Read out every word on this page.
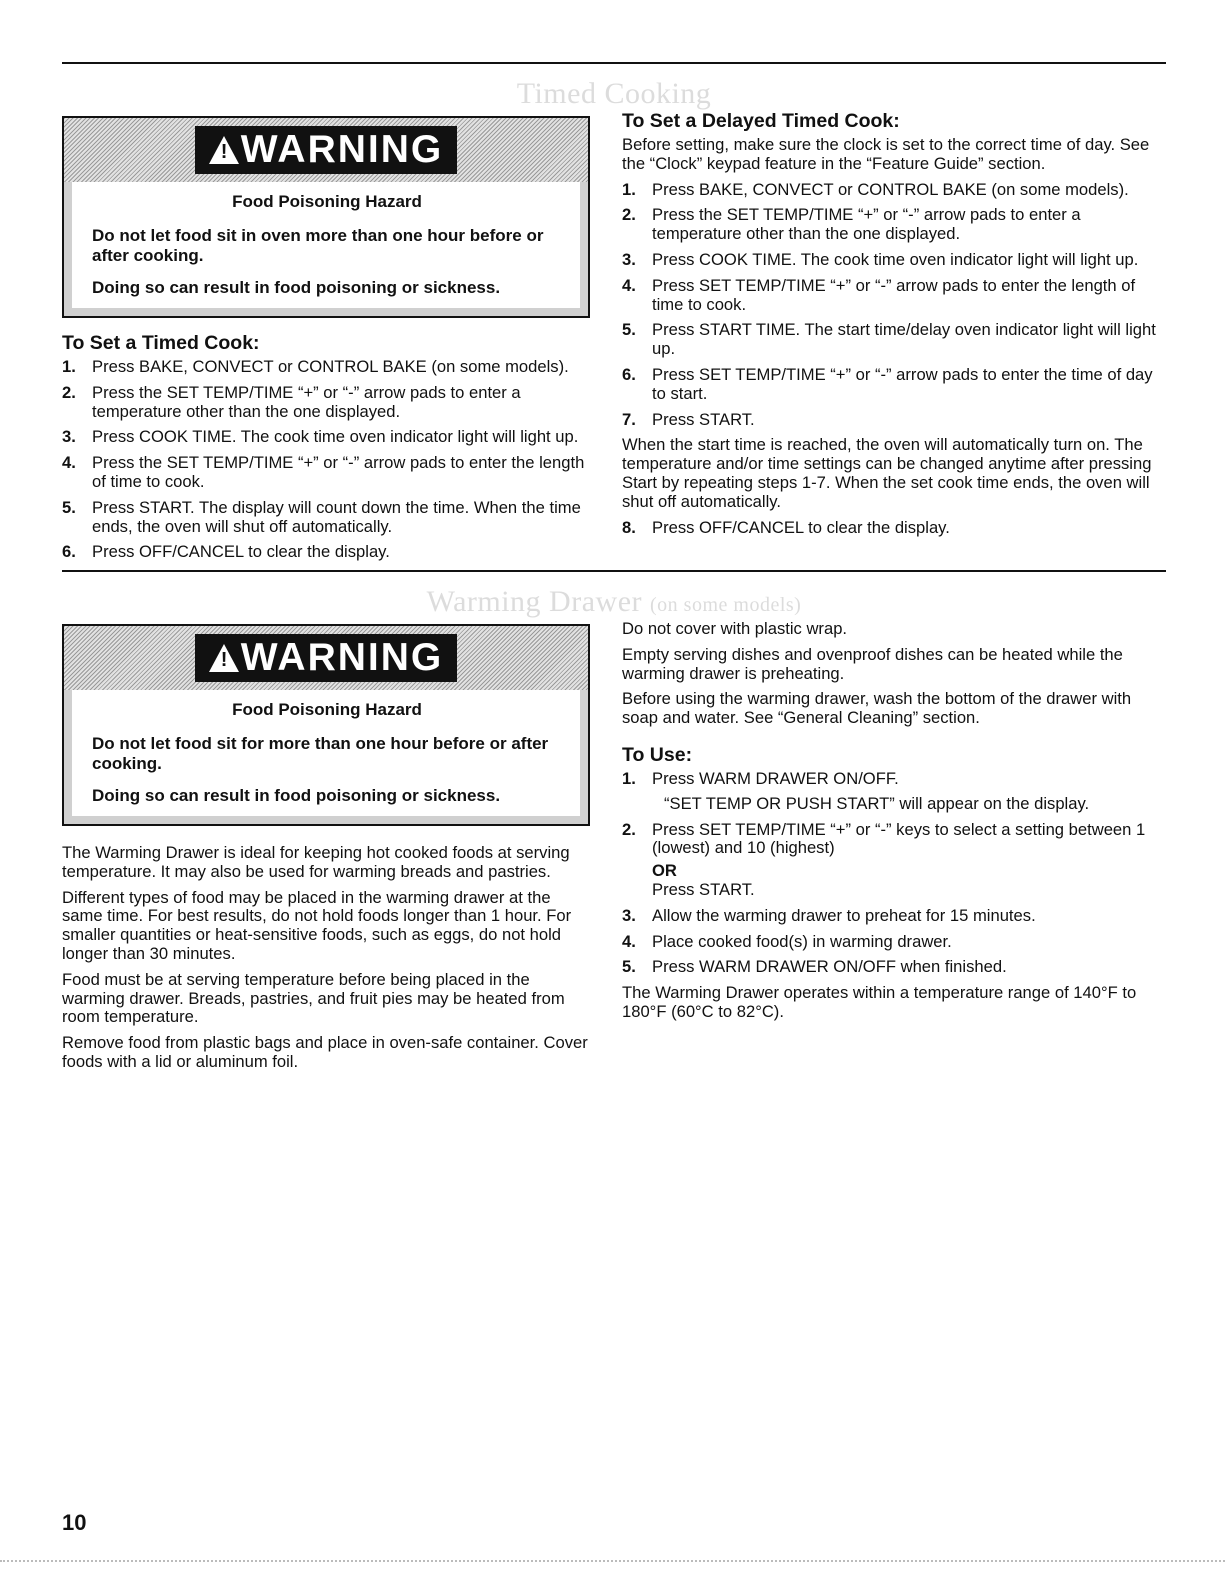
Timed Cooking
! WARNING

Food Poisoning Hazard

Do not let food sit in oven more than one hour before or after cooking.

Doing so can result in food poisoning or sickness.

To Set a Timed Cook:
1. Press BAKE, CONVECT or CONTROL BAKE (on some models).
2. Press the SET TEMP/TIME “+” or “-” arrow pads to enter a temperature other than the one displayed.
3. Press COOK TIME. The cook time oven indicator light will light up.
4. Press the SET TEMP/TIME “+” or “-” arrow pads to enter the length of time to cook.
5. Press START. The display will count down the time. When the time ends, the oven will shut off automatically.
6. Press OFF/CANCEL to clear the display.
To Set a Delayed Timed Cook:

Before setting, make sure the clock is set to the correct time of day. See the “Clock” keypad feature in the “Feature Guide” section.

1. Press BAKE, CONVECT or CONTROL BAKE (on some models).
2. Press the SET TEMP/TIME “+” or “-” arrow pads to enter a temperature other than the one displayed.
3. Press COOK TIME. The cook time oven indicator light will light up.
4. Press SET TEMP/TIME “+” or “-” arrow pads to enter the length of time to cook.
5. Press START TIME. The start time/delay oven indicator light will light up.
6. Press SET TEMP/TIME “+” or “-” arrow pads to enter the time of day to start.
7. Press START.

When the start time is reached, the oven will automatically turn on. The temperature and/or time settings can be changed anytime after pressing Start by repeating steps 1-7. When the set cook time ends, the oven will shut off automatically.

8. Press OFF/CANCEL to clear the display.
Warming Drawer (on some models)
! WARNING

Food Poisoning Hazard

Do not let food sit for more than one hour before or after cooking.

Doing so can result in food poisoning or sickness.

The Warming Drawer is ideal for keeping hot cooked foods at serving temperature. It may also be used for warming breads and pastries.

Different types of food may be placed in the warming drawer at the same time. For best results, do not hold foods longer than 1 hour. For smaller quantities or heat-sensitive foods, such as eggs, do not hold longer than 30 minutes.

Food must be at serving temperature before being placed in the warming drawer. Breads, pastries, and fruit pies may be heated from room temperature.

Remove food from plastic bags and place in oven-safe container. Cover foods with a lid or aluminum foil.

Do not cover with plastic wrap.

Empty serving dishes and ovenproof dishes can be heated while the warming drawer is preheating.

Before using the warming drawer, wash the bottom of the drawer with soap and water. See “General Cleaning” section.

To Use:
1. Press WARM DRAWER ON/OFF.
“SET TEMP OR PUSH START” will appear on the display.
2. Press SET TEMP/TIME “+” or “-” keys to select a setting between 1 (lowest) and 10 (highest)
OR
Press START.
3. Allow the warming drawer to preheat for 15 minutes.
4. Place cooked food(s) in warming drawer.
5. Press WARM DRAWER ON/OFF when finished.

The Warming Drawer operates within a temperature range of 140°F to 180°F (60°C to 82°C).

10
